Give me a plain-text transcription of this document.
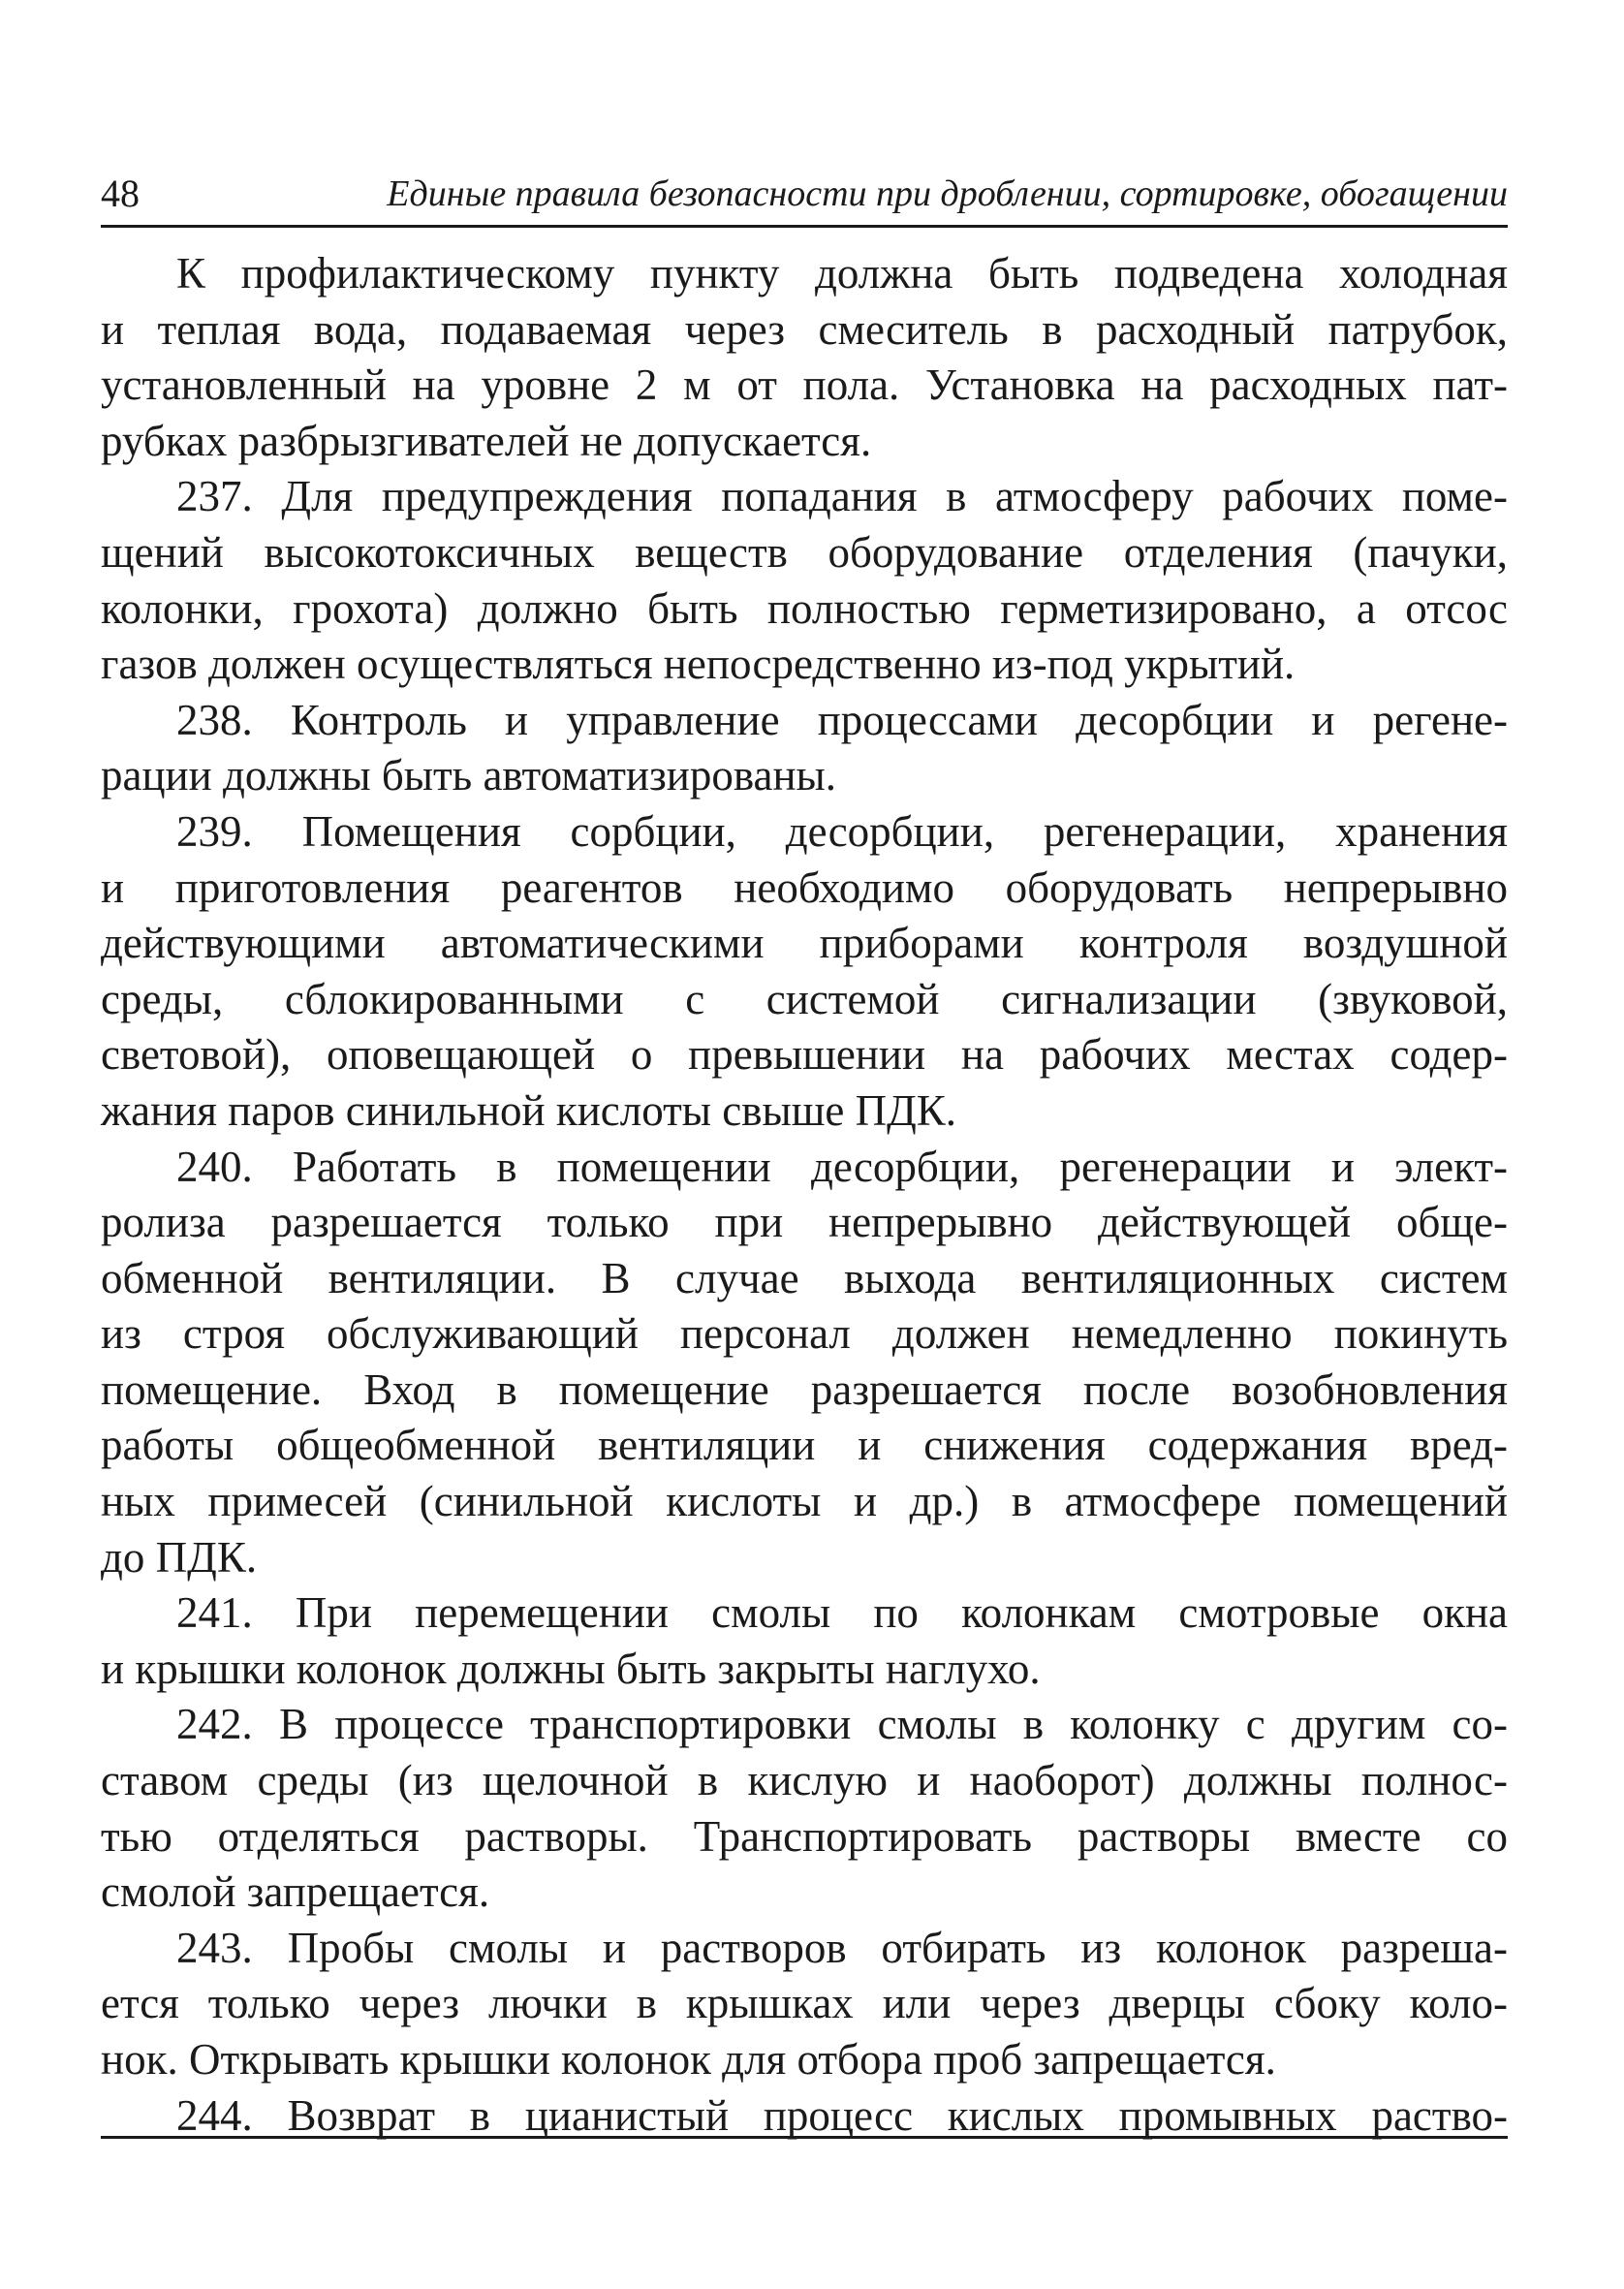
48	Единые правила безопасности при дроблении, сортировке, обогащении

К профилактическому пункту должна быть подведена холодная
и теплая вода, подаваемая через смеситель в расходный патрубок,
установленный на уровне 2 м от пола. Установка на расходных пат-
рубках разбрызгивателей не допускается.

237. Для предупреждения попадания в атмосферу рабочих поме-
щений высокотоксичных веществ оборудование отделения (пачуки,
колонки, грохота) должно быть полностью герметизировано, а отсос
газов должен осуществляться непосредственно из-под укрытий.

238. Контроль и управление процессами десорбции и регене-
рации должны быть автоматизированы.

239. Помещения сорбции, десорбции, регенерации, хранения
и приготовления реагентов необходимо оборудовать непрерывно
действующими автоматическими приборами контроля воздушной
среды, сблокированными с системой сигнализации (звуковой,
световой), оповещающей о превышении на рабочих местах содер-
жания паров синильной кислоты свыше ПДК.

240. Работать в помещении десорбции, регенерации и элект-
ролиза разрешается только при непрерывно действующей обще-
обменной вентиляции. В случае выхода вентиляционных систем
из строя обслуживающий персонал должен немедленно покинуть
помещение. Вход в помещение разрешается после возобновления
работы общеобменной вентиляции и снижения содержания вред-
ных примесей (синильной кислоты и др.) в атмосфере помещений
до ПДК.

241. При перемещении смолы по колонкам смотровые окна
и крышки колонок должны быть закрыты наглухо.

242. В процессе транспортировки смолы в колонку с другим со-
ставом среды (из щелочной в кислую и наоборот) должны полнос-
тью отделяться растворы. Транспортировать растворы вместе со
смолой запрещается.

243. Пробы смолы и растворов отбирать из колонок разреша-
ется только через лючки в крышках или через дверцы сбоку коло-
нок. Открывать крышки колонок для отбора проб запрещается.

244. Возврат в цианистый процесс кислых промывных раство-
